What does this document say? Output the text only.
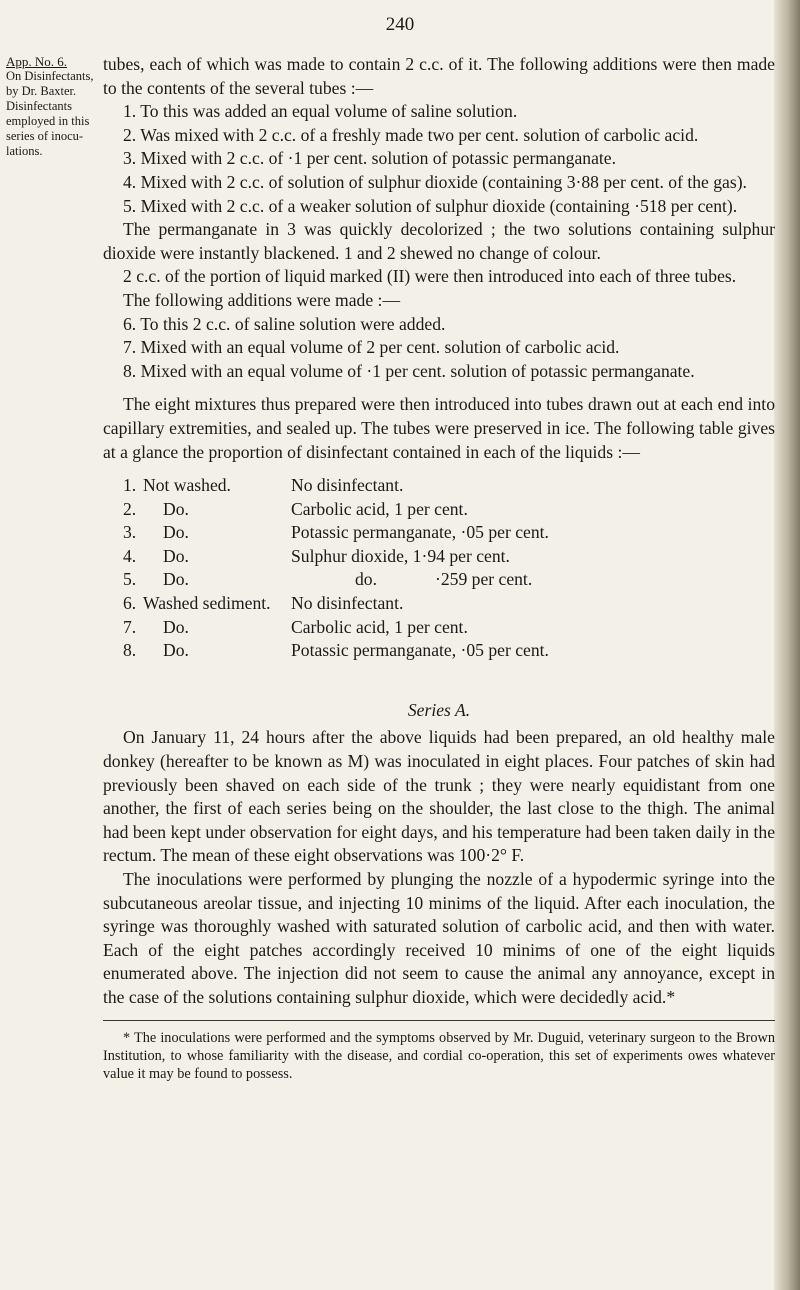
240
App. No. 6.
On Disinfectants,
by Dr. Baxter.
Disinfectants
employed in this
series of inocu-
lations.

tubes, each of which was made to contain 2 c.c. of it. The following additions were then made to the contents of the several tubes :—

1. To this was added an equal volume of saline solution.

2. Was mixed with 2 c.c. of a freshly made two per cent. solution of carbolic acid.

3. Mixed with 2 c.c. of ·1 per cent. solution of potassic permanganate.

4. Mixed with 2 c.c. of solution of sulphur dioxide (containing 3·88 per cent. of the gas).

5. Mixed with 2 c.c. of a weaker solution of sulphur dioxide (containing ·518 per cent).

The permanganate in 3 was quickly decolorized ; the two solutions containing sulphur dioxide were instantly blackened. 1 and 2 shewed no change of colour.

2 c.c. of the portion of liquid marked (II) were then introduced into each of three tubes.

The following additions were made :—

6. To this 2 c.c. of saline solution were added.

7. Mixed with an equal volume of 2 per cent. solution of carbolic acid.

8. Mixed with an equal volume of ·1 per cent. solution of potassic permanganate.

The eight mixtures thus prepared were then introduced into tubes drawn out at each end into capillary extremities, and sealed up. The tubes were preserved in ice. The following table gives at a glance the proportion of disinfectant contained in each of the liquids :—

1. Not washed.	No disinfectant.
2.	Do.	Carbolic acid, 1 per cent.
3.	Do.	Potassic permanganate, ·05 per cent.
4.	Do.	Sulphur dioxide, 1·94 per cent.
5.	Do.	do.	·259 per cent.
6. Washed sediment.	No disinfectant.
7.	Do.	Carbolic acid, 1 per cent.
8.	Do.	Potassic permanganate, ·05 per cent.
Series A.

On January 11, 24 hours after the above liquids had been prepared, an old healthy male donkey (hereafter to be known as M) was inoculated in eight places. Four patches of skin had previously been shaved on each side of the trunk ; they were nearly equidistant from one another, the first of each series being on the shoulder, the last close to the thigh. The animal had been kept under observation for eight days, and his temperature had been taken daily in the rectum. The mean of these eight observations was 100·2° F.

The inoculations were performed by plunging the nozzle of a hypodermic syringe into the subcutaneous areolar tissue, and injecting 10 minims of the liquid. After each inoculation, the syringe was thoroughly washed with saturated solution of carbolic acid, and then with water. Each of the eight patches accordingly received 10 minims of one of the eight liquids enumerated above. The injection did not seem to cause the animal any annoyance, except in the case of the solutions containing sulphur dioxide, which were decidedly acid.*

* The inoculations were performed and the symptoms observed by Mr. Duguid, veterinary surgeon to the Brown Institution, to whose familiarity with the disease, and cordial co-operation, this set of experiments owes whatever value it may be found to possess.
